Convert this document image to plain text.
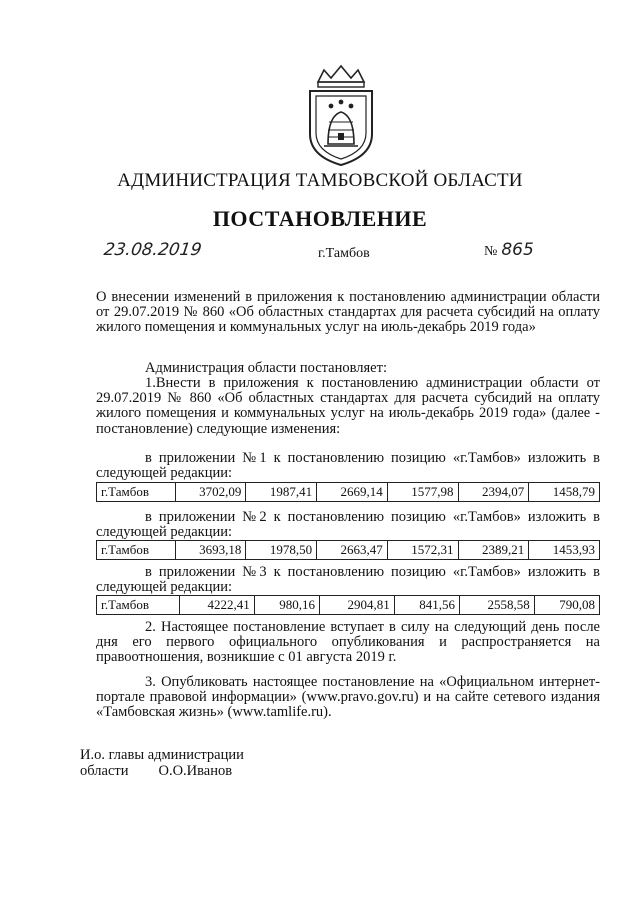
АДМИНИСТРАЦИЯ ТАМБОВСКОЙ ОБЛАСТИ
ПОСТАНОВЛЕНИЕ
23.08.2019	г.Тамбов	№ 865
О внесении изменений в приложения к постановлению администрации области от 29.07.2019 № 860 «Об областных стандартах для расчета субсидий на оплату жилого помещения и коммунальных услуг на июль-декабрь 2019 года»
Администрация области постановляет:
1.Внести в приложения к постановлению администрации области от 29.07.2019 № 860 «Об областных стандартах для расчета субсидий на оплату жилого помещения и коммунальных услуг на июль-декабрь 2019 года» (далее - постановление) следующие изменения:
в приложении №1 к постановлению позицию «г.Тамбов» изложить в следующей редакции:
г.Тамбов	3702,09	1987,41	2669,14	1577,98	2394,07	1458,79
в приложении №2 к постановлению позицию «г.Тамбов» изложить в следующей редакции:
г.Тамбов	3693,18	1978,50	2663,47	1572,31	2389,21	1453,93
в приложении №3 к постановлению позицию «г.Тамбов» изложить в следующей редакции:
г.Тамбов	4222,41	980,16	2904,81	841,56	2558,58	790,08
2. Настоящее постановление вступает в силу на следующий день после дня его первого официального опубликования и распространяется на правоотношения, возникшие с 01 августа 2019 г.
3. Опубликовать настоящее постановление на «Официальном интернет-портале правовой информации» (www.pravo.gov.ru) и на сайте сетевого издания «Тамбовская жизнь» (www.tamlife.ru).
И.о. главы администрации
области О.О.Иванов
